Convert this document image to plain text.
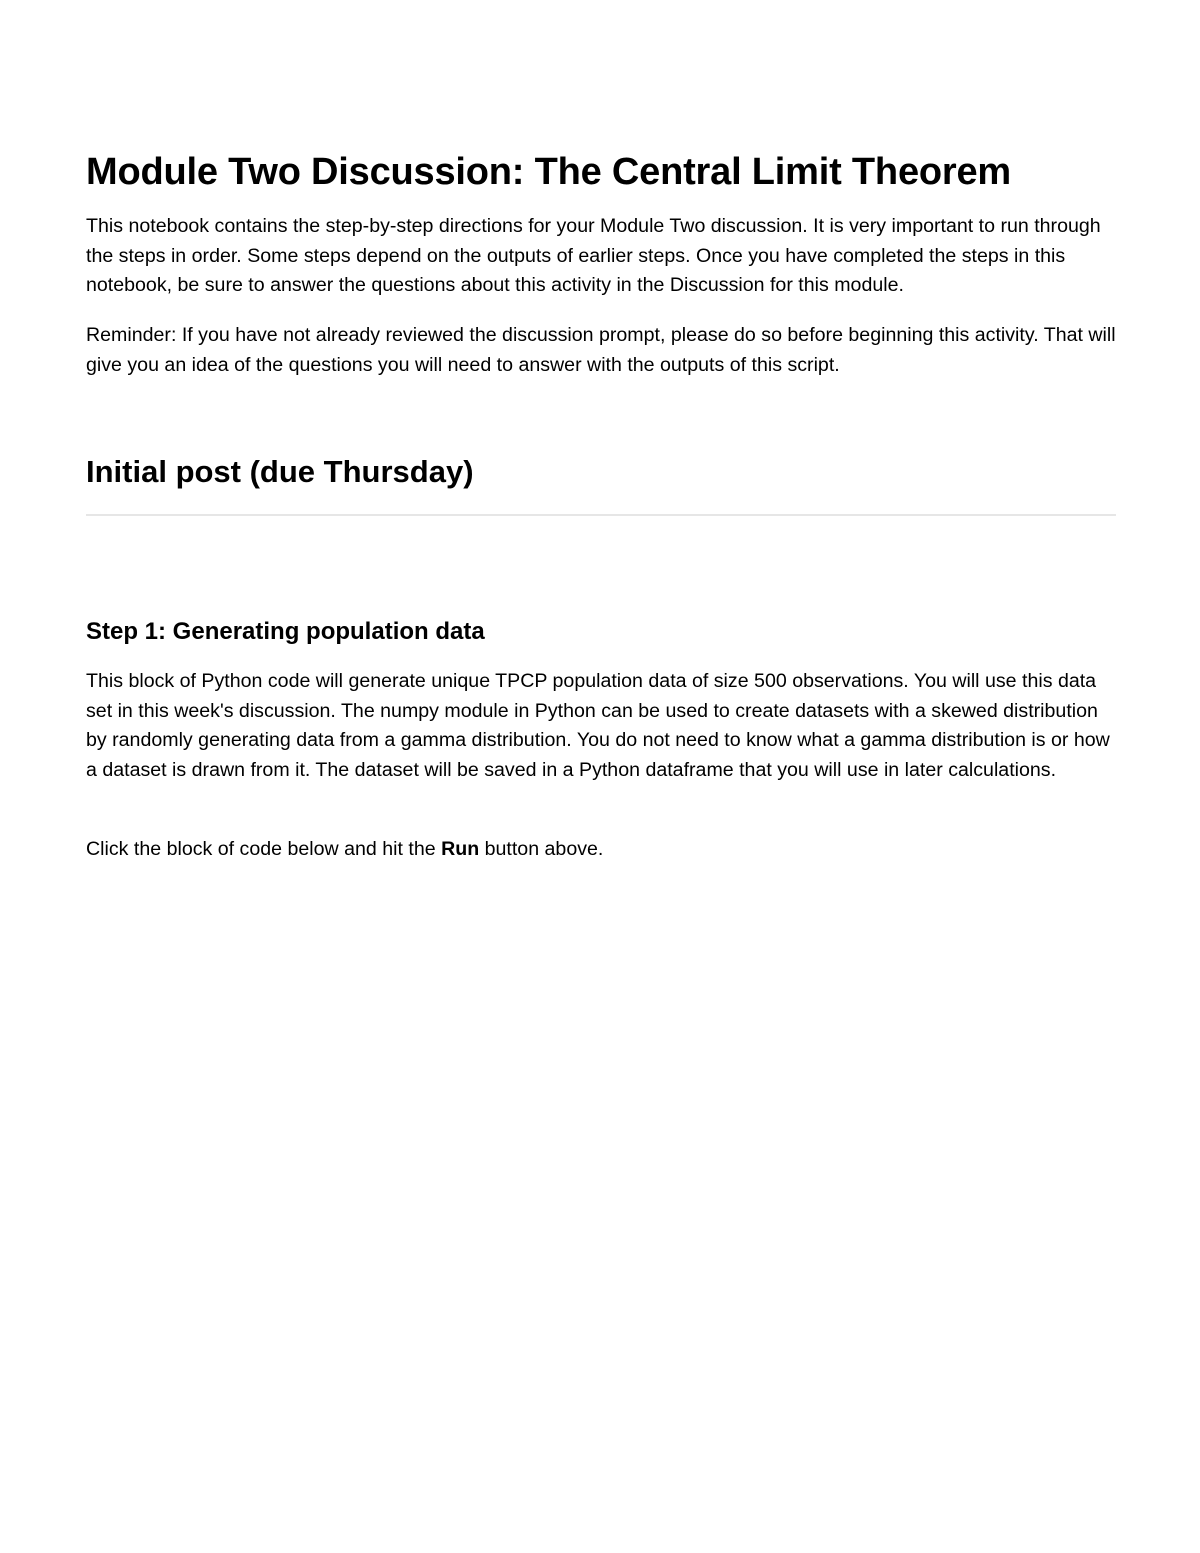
Module Two Discussion: The Central Limit Theorem

This notebook contains the step-by-step directions for your Module Two discussion. It is very important to run through the steps in order. Some steps depend on the outputs of earlier steps. Once you have completed the steps in this notebook, be sure to answer the questions about this activity in the Discussion for this module.

Reminder: If you have not already reviewed the discussion prompt, please do so before beginning this activity. That will give you an idea of the questions you will need to answer with the outputs of this script.

Initial post (due Thursday)
Step 1: Generating population data

This block of Python code will generate unique TPCP population data of size 500 observations. You will use this data set in this week's discussion. The numpy module in Python can be used to create datasets with a skewed distribution by randomly generating data from a gamma distribution. You do not need to know what a gamma distribution is or how a dataset is drawn from it. The dataset will be saved in a Python dataframe that you will use in later calculations.

Click the block of code below and hit the Run button above.
